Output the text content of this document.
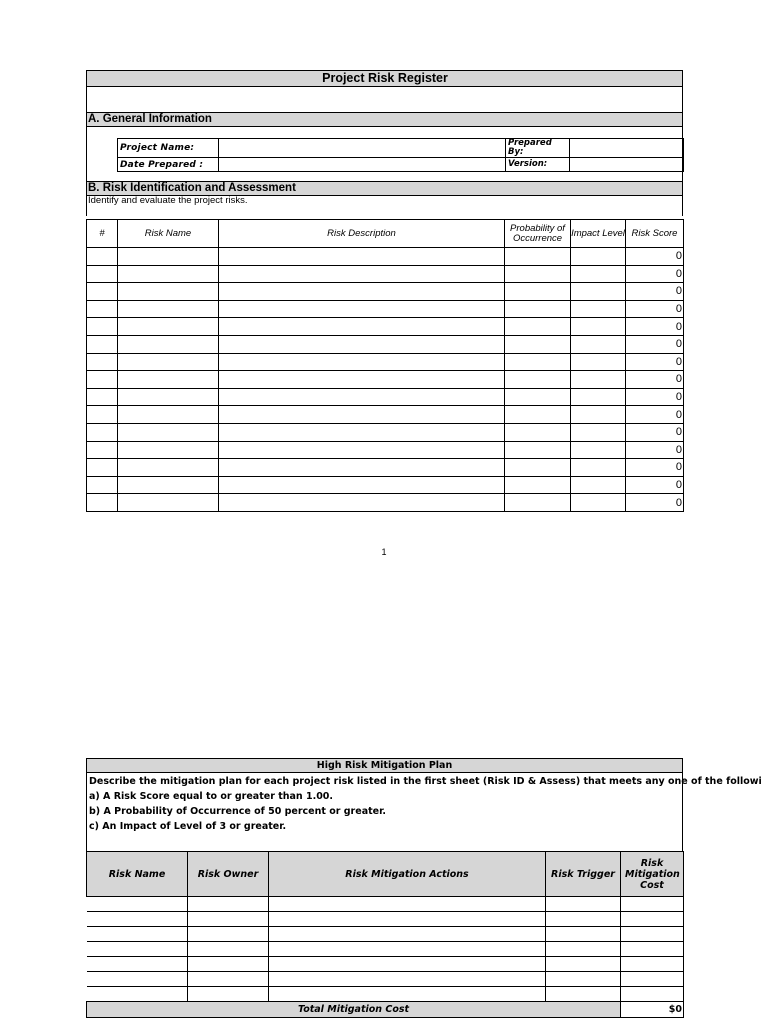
Project Risk Register
A. General Information
Project Name:		Prepared By:	
Date Prepared :		Version:	
B. Risk Identification and Assessment
Identify and evaluate the project risks.
#	Risk Name	Risk Description	Probability of Occurrence	Impact Level	Risk Score
					0
					0
					0
					0
					0
					0
					0
					0
					0
					0
					0
					0
					0
					0
					0
1
High Risk Mitigation Plan
Describe the mitigation plan for each project risk listed in the first sheet (Risk ID & Assess) that meets any one of the followi
a) A Risk Score equal to or greater than 1.00.
b) A Probability of Occurrence of 50 percent or greater.
c) An Impact of Level of 3 or greater.
Risk Name	Risk Owner	Risk Mitigation Actions	Risk Trigger	Risk Mitigation Cost

Total Mitigation Cost				$0
